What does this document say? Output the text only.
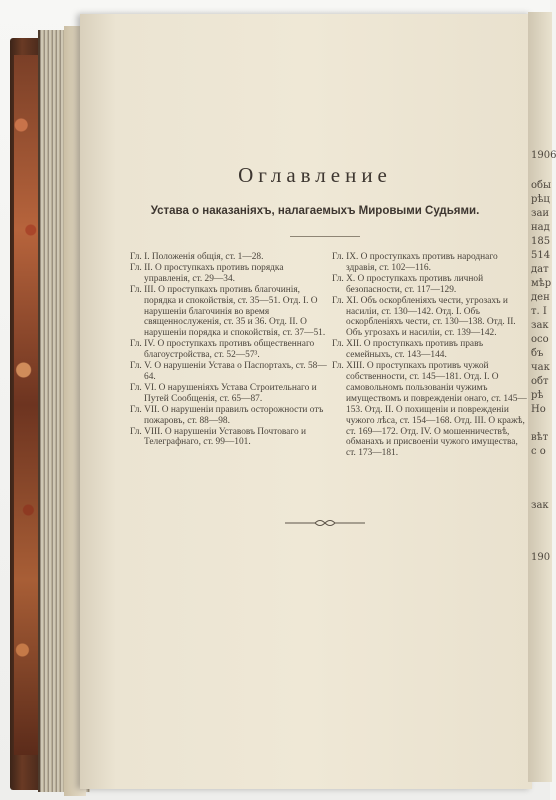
1906
обы
рѣц
заи
над
185
514
дат
мѣр
ден
т. I
зак
осо
бъ
чак
обт
рѣ
Но
вѣт
с о
зак
190
Оглавление
Устава о наказаніяхъ, налагаемыхъ Мировыми Судьями.

Гл. I. Положенія общія, ст. 1—28.

Гл. II. О проступкахъ противъ порядка управленія, ст. 29—34.

Гл. III. О проступкахъ противъ благочинія, порядка и спокойствія, ст. 35—51. Отд. I. О нарушеніи благочинія во время священнослуженія, ст. 35 и 36. Отд. II. О нарушеніи порядка и спокойствія, ст. 37—51.

Гл. IV. О проступкахъ противъ общественнаго благоустройства, ст. 52—57³.

Гл. V. О нарушеніи Устава о Паспортахъ, ст. 58—64.

Гл. VI. О нарушеніяхъ Устава Строительнаго и Путей Сообщенія, ст. 65—87.

Гл. VII. О нарушеніи правилъ осторожности отъ пожаровъ, ст. 88—98.

Гл. VIII. О нарушеніи Уставовъ Почтоваго и Телеграфнаго, ст. 99—101.

Гл. IX. О проступкахъ противъ народнаго здравія, ст. 102—116.

Гл. X. О проступкахъ противъ личной безопасности, ст. 117—129.

Гл. XI. Объ оскорбленіяхъ чести, угрозахъ и насиліи, ст. 130—142. Отд. I. Объ оскорбленіяхъ чести, ст. 130—138. Отд. II. Объ угрозахъ и насиліи, ст. 139—142.

Гл. XII. О проступкахъ противъ правъ семейныхъ, ст. 143—144.

Гл. XIII. О проступкахъ противъ чужой собственности, ст. 145—181. Отд. I. О самовольномъ пользованіи чужимъ имуществомъ и поврежденіи онаго, ст. 145—153. Отд. II. О похищеніи и поврежденіи чужого лѣса, ст. 154—168. Отд. III. О кражѣ, ст. 169—172. Отд. IV. О мошенничествѣ, обманахъ и присвоеніи чужого имущества, ст. 173—181.
